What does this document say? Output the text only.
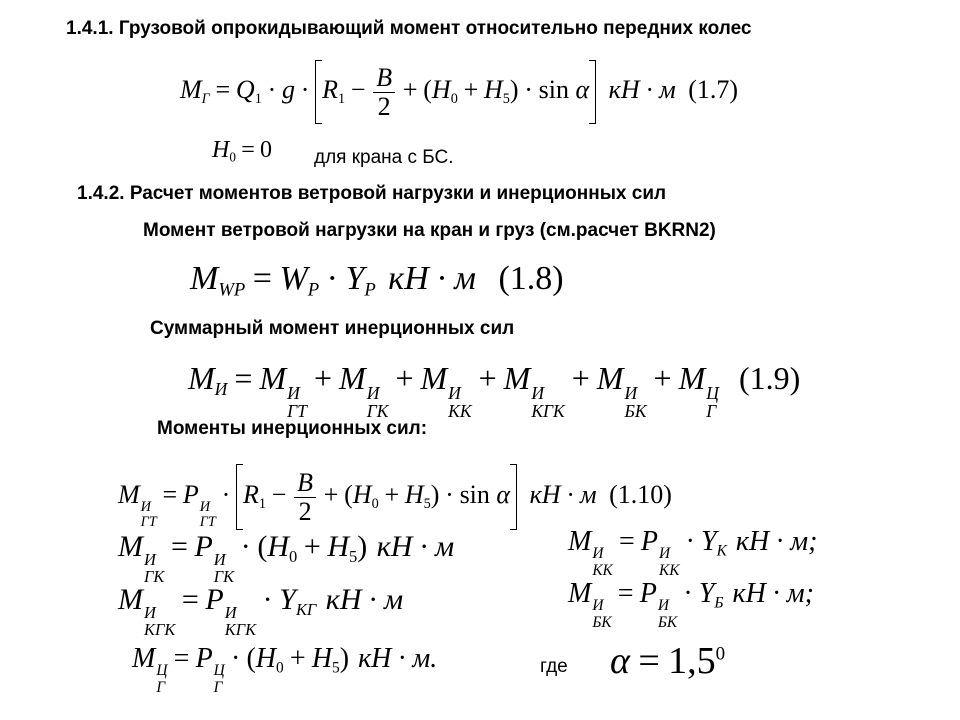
1.4.1. Грузовой опрокидывающий момент относительно передних колес
$M_Г = Q_1 \cdot g \cdot R_1 - \frac{B}{2} + (H_0 + H_5) \cdot \sin \alpha$ кН · м (1.7)
$H_0 = 0$ для крана с БС.
1.4.2. Расчет моментов ветровой нагрузки и инерционных сил
Момент ветровой нагрузки на кран и груз (см.расчет BKRN2)
$M_{WP} = W_P \cdot Y_P$ кН · м (1.8)
Суммарный момент инерционных сил
$M_И = M$ И
ГТ
+ M И
ГК
+ M И
КК
+ M И
КГК
+ M И
БК
+ M Ц
Г
(1.9)
Моменты инерционных сил:
M И
ГТ
= P И
ГТ
· $R_1 - \frac{B}{2} + (H_0 + H_5) \cdot \sin \alpha$ кН · м (1.10)
M И
ГК
= P И
ГК
· $(H_0 + H_5)$ кН · м	M И
КК
= P И
КК
· $Y_К$ кН · м;
M И
КГК
= P И
КГК
· $Y_{КГ}$ кН · м	M И
БК
= P И
БК
· $Y_Б$ кН · м;
M Ц
Г
= P Ц
Г
· $(H_0 + H_5)$ кН · м.	где $\alpha = 1,5^0$
